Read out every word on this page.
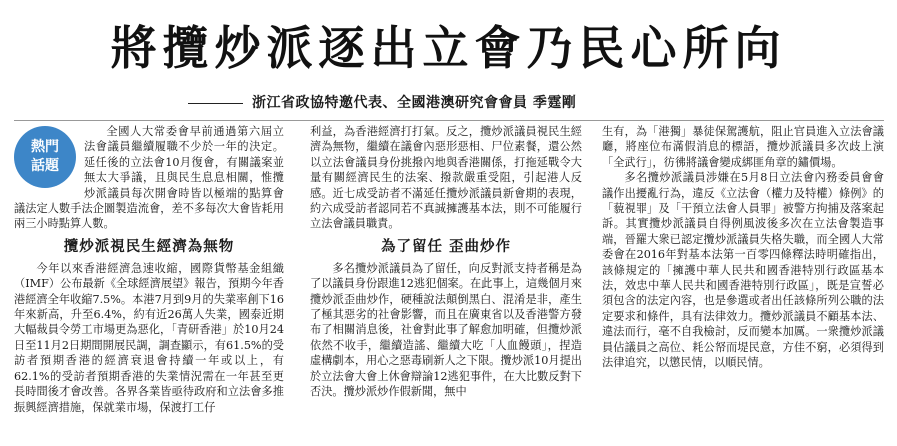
將攬炒派逐出立會乃民心所向
浙江省政協特邀代表、全國港澳研究會會員 季霆剛
熱門
話題

全國人大常委會早前通過第六屆立法會議員繼續履職不少於一年的決定。延任後的立法會10月復會，有關議案並無太大爭議，且與民生息息相關，惟攬炒派議員每次開會時皆以極端的點算會議法定人數手法企圖製造流會，差不多每次大會皆耗用兩三小時點算人數。

攬炒派視民生經濟為無物

今年以來香港經濟急速收縮，國際貨幣基金組織（IMF）公布最新《全球經濟展望》報告，預期今年香港經濟全年收縮7.5%。本港7月到9月的失業率創下16年來新高，升至6.4%，約有近26萬人失業，國泰近期大幅裁員令勞工市場更為惡化，「青研香港」於10月24日至11月2日期間開展民調，調查顯示，有61.5%的受訪者預期香港的經濟衰退會持續一年或以上，有62.1%的受訪者預期香港的失業情況需在一年甚至更長時間後才會改善。各界各業皆亟待政府和立法會多推振興經濟措施，保就業市場，保渡打工仔

利益，為香港經濟打打氣。反之，攬炒派議員視民生經濟為無物，繼續在議會內惡形惡相、尸位素餐，還公然以立法會議員身份挑撥內地與香港關係，打拖延戰令大量有關經濟民生的法案、撥款嚴重受阻，引起港人反感。近七成受訪者不滿延任攬炒派議員新會期的表現，約六成受訪者認同若不真誠擁護基本法，則不可能履行立法會議員職責。

為了留任 歪曲炒作

多名攬炒派議員為了留任，向反對派支持者稱是為了以議員身份跟進12逃犯個案。在此事上，這幾個月來攬炒派歪曲炒作，硬種說法顛倒黑白、混淆是非，產生了極其惡劣的社會影響，而且在廣東省以及香港警方發布了相關消息後，社會對此事了解愈加明確，但攬炒派依然不收手，繼續造謠、繼續大吃「人血饅頭」，捏造虛構劇本，用心之惡毒刷新人之下限。攬炒派10月提出於立法會大會上休會辯論12逃犯事件，在大比數反對下否決。攬炒派炒作假新聞，無中

生有，為「港獨」暴徒保駕護航，阻止官員進入立法會議廳，將座位布滿假消息的標語，攬炒派議員多次歧上演「全武行」，彷彿將議會變成綁匪角章的鏽價場。

多名攬炒派議員涉嫌在5月8日立法會內務委員會會議作出擾亂行為，違反《立法會（權力及特權）條例》的「藐視罪」及「干預立法會人員罪」被警方拘捕及落案起訴。其實攬炒派議員自得例風波後多次在立法會製造事端，晉羅大衆已認定攬炒派議員失格失職，而全國人大常委會在2016年對基本法第一百零四條釋法時明確指出，該條規定的「擁護中華人民共和國香港特別行政區基本法，效忠中華人民共和國香港特別行政區」，既是宣誓必須包含的法定內容，也是參選或者出任該條所列公職的法定要求和條件，具有法律效力。攬炒派議員不顧基本法、違法而行，毫不自我檢討，反而變本加厲。一衆攬炒派議員佔議員之高位、耗公帑而堤民意，方佳不窮，必須得到法律追究，以懲民情，以順民情。
